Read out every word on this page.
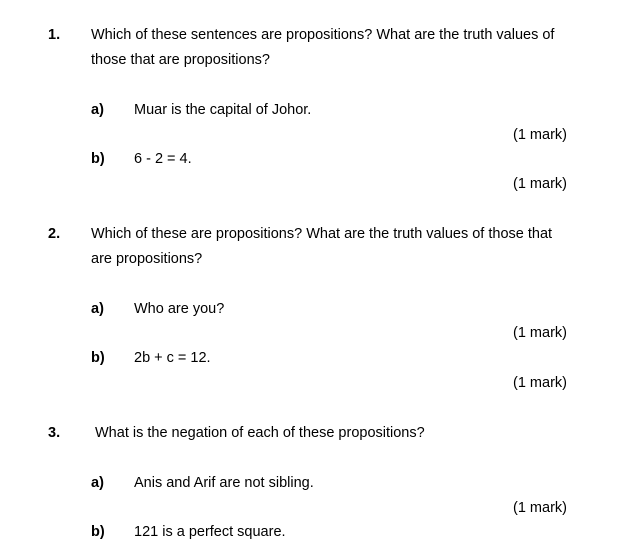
1. Which of these sentences are propositions? What are the truth values of
those that are propositions?
a) Muar is the capital of Johor.
(1 mark)
b) 6 - 2 = 4.
(1 mark)
2. Which of these are propositions? What are the truth values of those that
are propositions?
a) Who are you?
(1 mark)
b) 2b + c = 12.
(1 mark)
3. What is the negation of each of these propositions?
a) Anis and Arif are not sibling.
(1 mark)
b) 121 is a perfect square.
